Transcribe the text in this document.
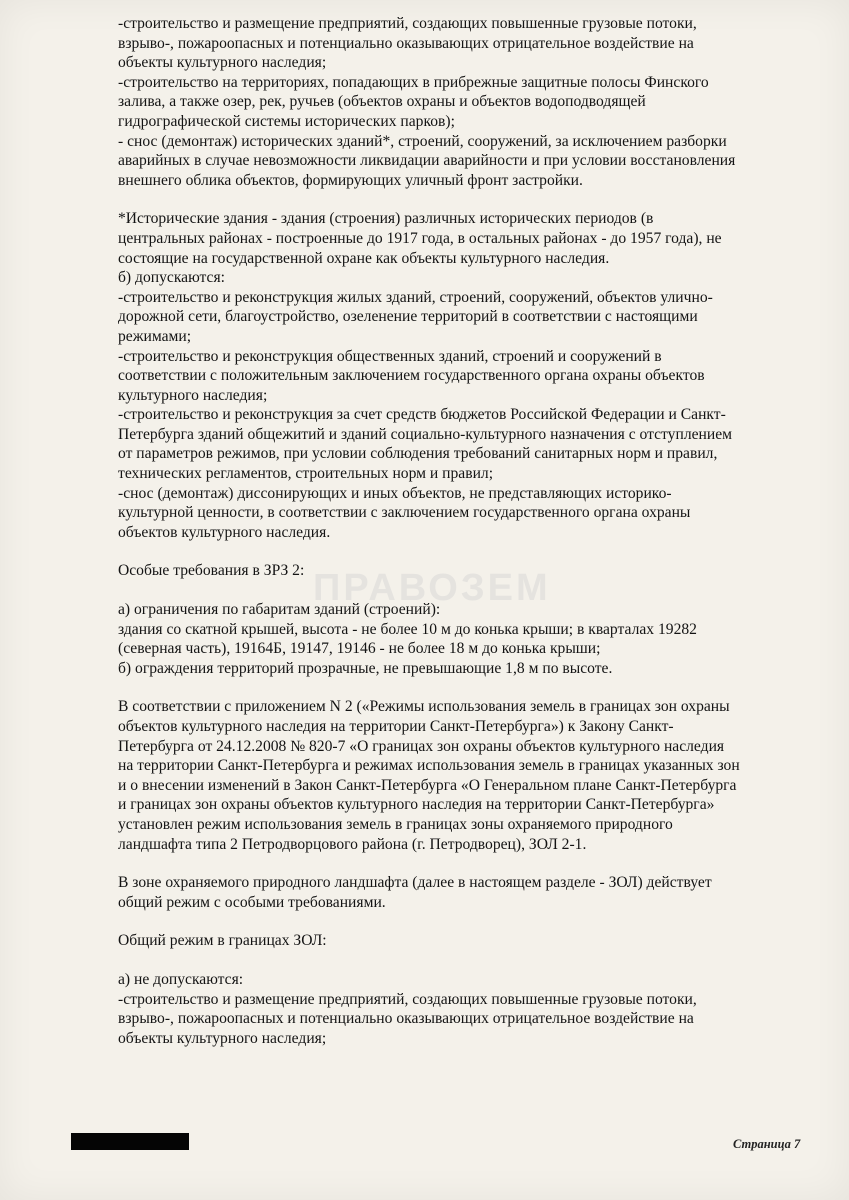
-строительство и размещение предприятий, создающих повышенные грузовые потоки,

взрыво-, пожароопасных и потенциально оказывающих отрицательное воздействие на

объекты культурного наследия;

-строительство на территориях, попадающих в прибрежные защитные полосы Финского

залива, а также озер, рек, ручьев (объектов охраны и объектов водоподводящей

гидрографической системы исторических парков);

- снос (демонтаж) исторических зданий*, строений, сооружений, за исключением разборки

аварийных в случае невозможности ликвидации аварийности и при условии восстановления

внешнего облика объектов, формирующих уличный фронт застройки.

*Исторические здания - здания (строения) различных исторических периодов (в

центральных районах - построенные до 1917 года, в остальных районах - до 1957 года), не

состоящие на государственной охране как объекты культурного наследия.

б) допускаются:

-строительство и реконструкция жилых зданий, строений, сооружений, объектов улично-

дорожной сети, благоустройство, озеленение территорий в соответствии с настоящими

режимами;

-строительство и реконструкция общественных зданий, строений и сооружений в

соответствии с положительным заключением государственного органа охраны объектов

культурного наследия;

-строительство и реконструкция за счет средств бюджетов Российской Федерации и Санкт-

Петербурга зданий общежитий и зданий социально-культурного назначения с отступлением

от параметров режимов, при условии соблюдения требований санитарных норм и правил,

технических регламентов, строительных норм и правил;

-снос (демонтаж) диссонирующих и иных объектов, не представляющих историко-

культурной ценности, в соответствии с заключением государственного органа охраны

объектов культурного наследия.

Особые требования в ЗРЗ 2:

а) ограничения по габаритам зданий (строений):

здания со скатной крышей, высота - не более 10 м до конька крыши; в кварталах 19282

(северная часть), 19164Б, 19147, 19146 - не более 18 м до конька крыши;

б) ограждения территорий прозрачные, не превышающие 1,8 м по высоте.

В соответствии с приложением N 2 («Режимы использования земель в границах зон охраны

объектов культурного наследия на территории Санкт-Петербурга») к Закону Санкт-

Петербурга от 24.12.2008 № 820-7 «О границах зон охраны объектов культурного наследия

на территории Санкт-Петербурга и режимах использования земель в границах указанных зон

и о внесении изменений в Закон Санкт-Петербурга «О Генеральном плане Санкт-Петербурга

и границах зон охраны объектов культурного наследия на территории Санкт-Петербурга»

установлен режим использования земель в границах зоны охраняемого природного

ландшафта типа 2 Петродворцового района (г. Петродворец), ЗОЛ 2-1.

В зоне охраняемого природного ландшафта (далее в настоящем разделе - ЗОЛ) действует

общий режим с особыми требованиями.

Общий режим в границах ЗОЛ:

а) не допускаются:

-строительство и размещение предприятий, создающих повышенные грузовые потоки,

взрыво-, пожароопасных и потенциально оказывающих отрицательное воздействие на

объекты культурного наследия;

ПРАВОЗЕМ
Страница 7
